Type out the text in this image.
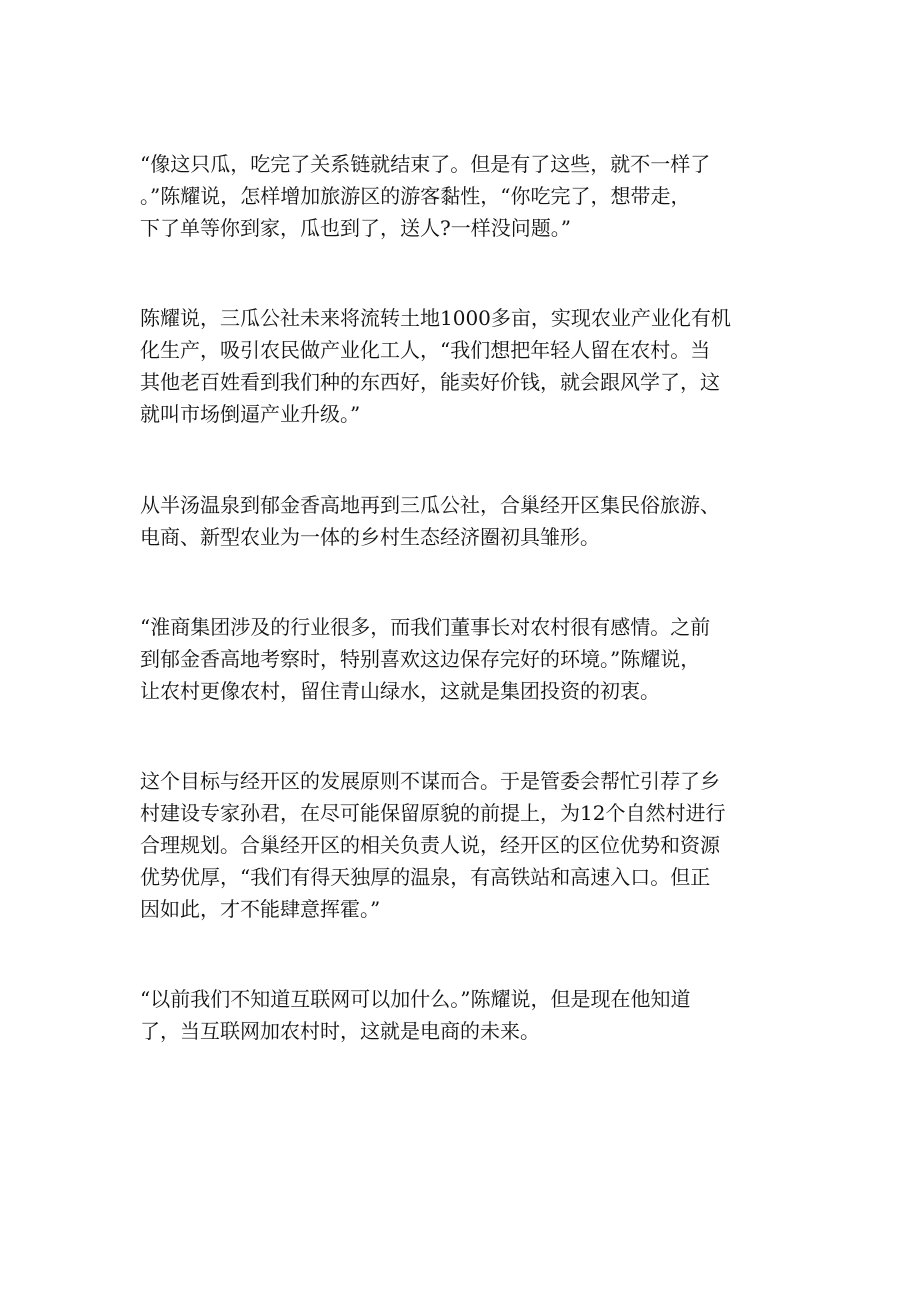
“像这只瓜，吃完了关系链就结束了。但是有了这些，就不一样了
。”陈耀说，怎样增加旅游区的游客黏性，“你吃完了，想带走，
下了单等你到家，瓜也到了，送人?一样没问题。”
陈耀说，三瓜公社未来将流转土地1000多亩，实现农业产业化有机
化生产，吸引农民做产业化工人，“我们想把年轻人留在农村。当
其他老百姓看到我们种的东西好，能卖好价钱，就会跟风学了，这
就叫市场倒逼产业升级。”
从半汤温泉到郁金香高地再到三瓜公社，合巢经开区集民俗旅游、
电商、新型农业为一体的乡村生态经济圈初具雏形。
“淮商集团涉及的行业很多，而我们董事长对农村很有感情。之前
到郁金香高地考察时，特别喜欢这边保存完好的环境。”陈耀说，
让农村更像农村，留住青山绿水，这就是集团投资的初衷。
这个目标与经开区的发展原则不谋而合。于是管委会帮忙引荐了乡
村建设专家孙君，在尽可能保留原貌的前提上，为12个自然村进行
合理规划。合巢经开区的相关负责人说，经开区的区位优势和资源
优势优厚，“我们有得天独厚的温泉，有高铁站和高速入口。但正
因如此，才不能肆意挥霍。”
“以前我们不知道互联网可以加什么。”陈耀说，但是现在他知道
了，当互联网加农村时，这就是电商的未来。
